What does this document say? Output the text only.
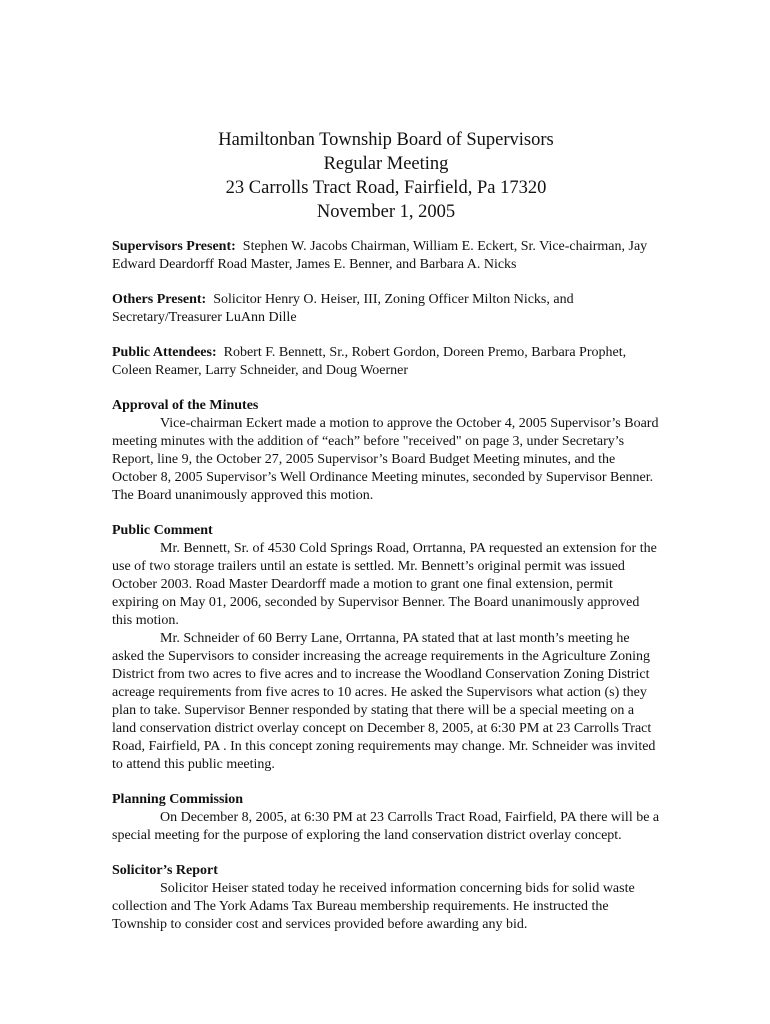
Hamiltonban Township Board of Supervisors
Regular Meeting
23 Carrolls Tract Road, Fairfield, Pa 17320
November 1, 2005

Supervisors Present: Stephen W. Jacobs Chairman, William E. Eckert, Sr. Vice-chairman, Jay Edward Deardorff Road Master, James E. Benner, and Barbara A. Nicks

Others Present: Solicitor Henry O. Heiser, III, Zoning Officer Milton Nicks, and Secretary/Treasurer LuAnn Dille

Public Attendees: Robert F. Bennett, Sr., Robert Gordon, Doreen Premo, Barbara Prophet, Coleen Reamer, Larry Schneider, and Doug Woerner

Approval of the Minutes
Vice-chairman Eckert made a motion to approve the October 4, 2005 Supervisor’s Board meeting minutes with the addition of “each” before "received" on page 3, under Secretary’s Report, line 9, the October 27, 2005 Supervisor’s Board Budget Meeting minutes, and the October 8, 2005 Supervisor’s Well Ordinance Meeting minutes, seconded by Supervisor Benner. The Board unanimously approved this motion.
Public Comment
Mr. Bennett, Sr. of 4530 Cold Springs Road, Orrtanna, PA requested an extension for the use of two storage trailers until an estate is settled. Mr. Bennett’s original permit was issued October 2003. Road Master Deardorff made a motion to grant one final extension, permit expiring on May 01, 2006, seconded by Supervisor Benner. The Board unanimously approved this motion.
Mr. Schneider of 60 Berry Lane, Orrtanna, PA stated that at last month’s meeting he asked the Supervisors to consider increasing the acreage requirements in the Agriculture Zoning District from two acres to five acres and to increase the Woodland Conservation Zoning District acreage requirements from five acres to 10 acres. He asked the Supervisors what action (s) they plan to take. Supervisor Benner responded by stating that there will be a special meeting on a land conservation district overlay concept on December 8, 2005, at 6:30 PM at 23 Carrolls Tract Road, Fairfield, PA . In this concept zoning requirements may change. Mr. Schneider was invited to attend this public meeting.
Planning Commission
On December 8, 2005, at 6:30 PM at 23 Carrolls Tract Road, Fairfield, PA there will be a special meeting for the purpose of exploring the land conservation district overlay concept.
Solicitor’s Report
Solicitor Heiser stated today he received information concerning bids for solid waste collection and The York Adams Tax Bureau membership requirements. He instructed the Township to consider cost and services provided before awarding any bid.
